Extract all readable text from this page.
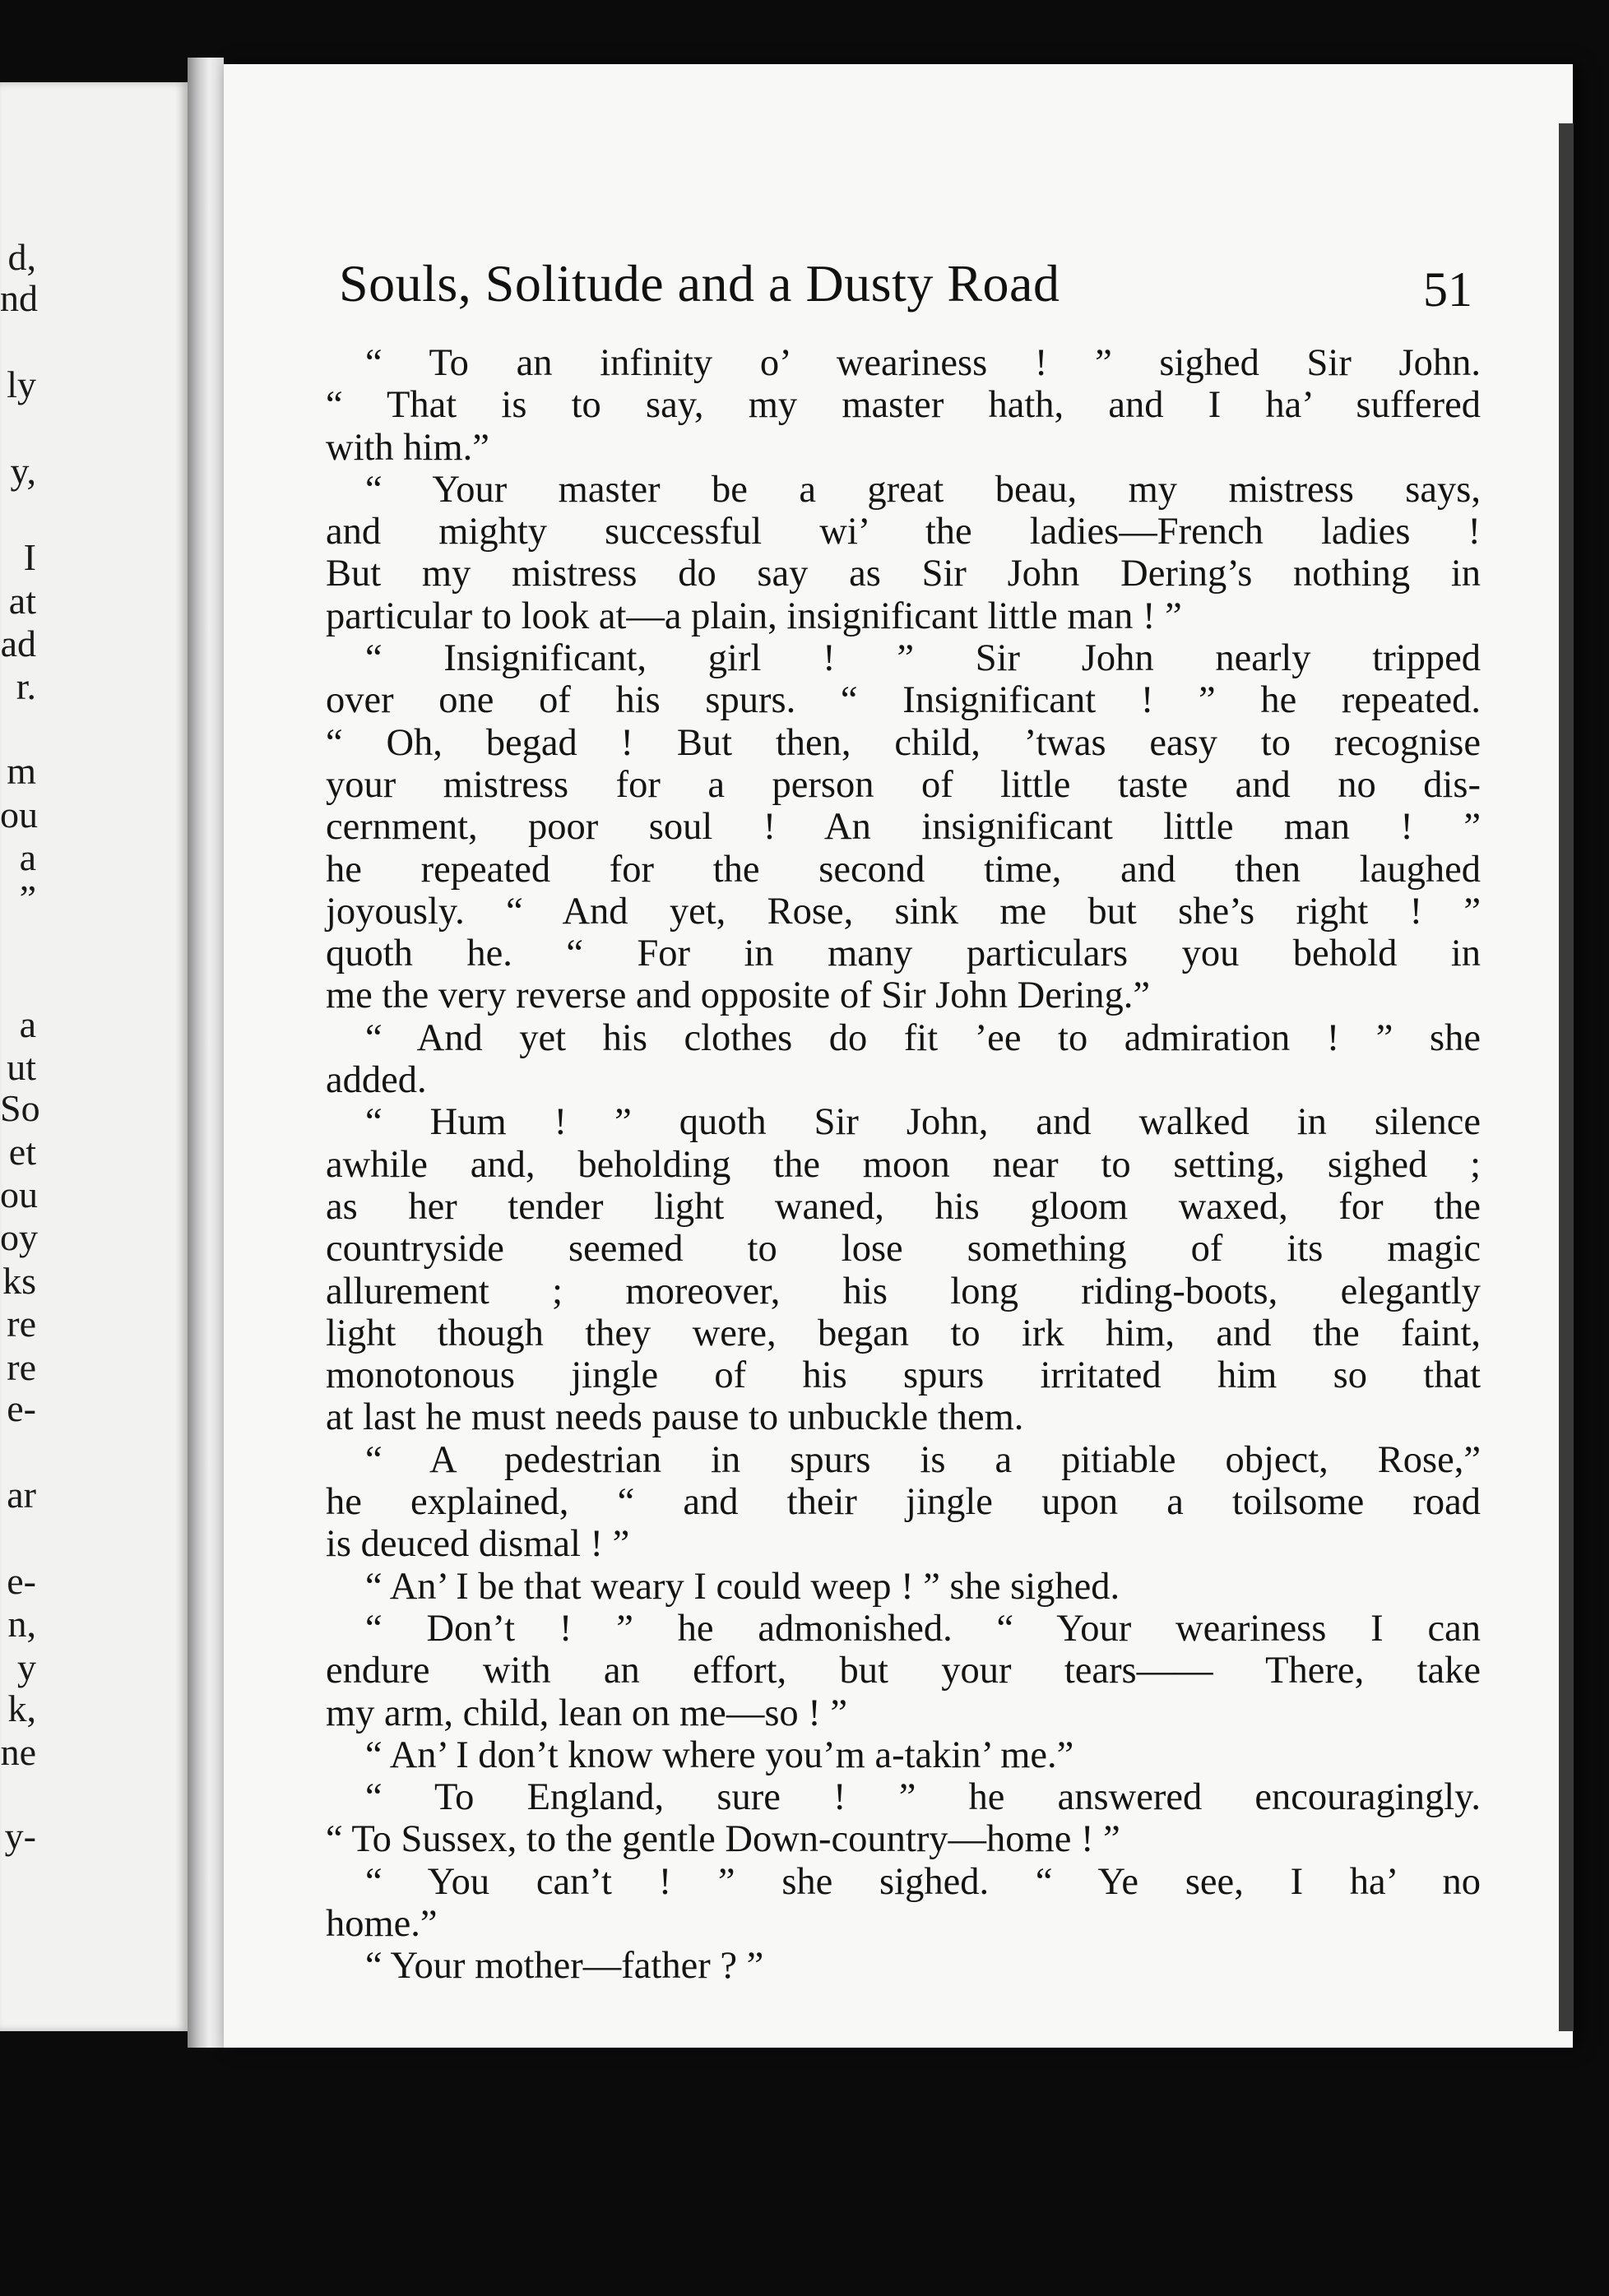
d,
nd
ly
y,
I
at
ad
r.
m
ou
a
”
a
ut
So
et
ou
oy
ks
re
re
e-
ar
e-
n,
y
k,
ne
y-
Souls, Solitude and a Dusty Road	51
“ To an infinity o’ weariness ! ” sighed Sir John.
“ That is to say, my master hath, and I ha’ suffered
with him.”
“ Your master be a great beau, my mistress says,
and mighty successful wi’ the ladies—French ladies !
But my mistress do say as Sir John Dering’s nothing in
particular to look at—a plain, insignificant little man ! ”
“ Insignificant, girl ! ” Sir John nearly tripped
over one of his spurs. “ Insignificant ! ” he repeated.
“ Oh, begad ! But then, child, ’twas easy to recognise
your mistress for a person of little taste and no dis-
cernment, poor soul ! An insignificant little man ! ”
he repeated for the second time, and then laughed
joyously. “ And yet, Rose, sink me but she’s right ! ”
quoth he. “ For in many particulars you behold in
me the very reverse and opposite of Sir John Dering.”
“ And yet his clothes do fit ’ee to admiration ! ” she
added.
“ Hum ! ” quoth Sir John, and walked in silence
awhile and, beholding the moon near to setting, sighed ;
as her tender light waned, his gloom waxed, for the
countryside seemed to lose something of its magic
allurement ; moreover, his long riding-boots, elegantly
light though they were, began to irk him, and the faint,
monotonous jingle of his spurs irritated him so that
at last he must needs pause to unbuckle them.
“ A pedestrian in spurs is a pitiable object, Rose,”
he explained, “ and their jingle upon a toilsome road
is deuced dismal ! ”
“ An’ I be that weary I could weep ! ” she sighed.
“ Don’t ! ” he admonished. “ Your weariness I can
endure with an effort, but your tears—— There, take
my arm, child, lean on me—so ! ”
“ An’ I don’t know where you’m a-takin’ me.”
“ To England, sure ! ” he answered encouragingly.
“ To Sussex, to the gentle Down-country—home ! ”
“ You can’t ! ” she sighed. “ Ye see, I ha’ no
home.”
“ Your mother—father ? ”
